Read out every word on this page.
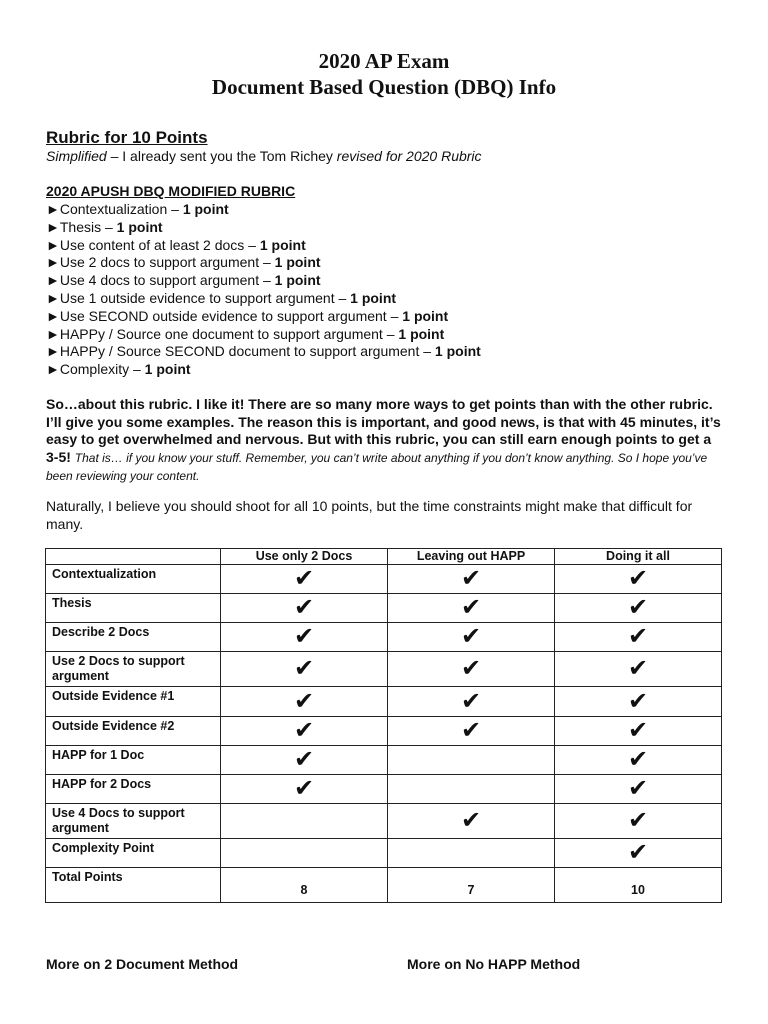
2020 AP Exam
Document Based Question (DBQ) Info
Rubric for 10 Points
Simplified – I already sent you the Tom Richey revised for 2020 Rubric
2020 APUSH DBQ MODIFIED RUBRIC
►Contextualization – 1 point
►Thesis – 1 point
►Use content of at least 2 docs – 1 point
►Use 2 docs to support argument – 1 point
►Use 4 docs to support argument – 1 point
►Use 1 outside evidence to support argument – 1 point
►Use SECOND outside evidence to support argument – 1 point
►HAPPy / Source one document to support argument – 1 point
►HAPPy / Source SECOND document to support argument – 1 point
►Complexity – 1 point
So…about this rubric. I like it! There are so many more ways to get points than with the other rubric. I’ll give you some examples. The reason this is important, and good news, is that with 45 minutes, it’s easy to get overwhelmed and nervous. But with this rubric, you can still earn enough points to get a 3-5! That is… if you know your stuff. Remember, you can’t write about anything if you don’t know anything. So I hope you’ve been reviewing your content.
Naturally, I believe you should shoot for all 10 points, but the time constraints might make that difficult for many.
	Use only 2 Docs	Leaving out HAPP	Doing it all
Contextualization	✔	✔	✔
Thesis	✔	✔	✔
Describe 2 Docs	✔	✔	✔
Use 2 Docs to support argument	✔	✔	✔
Outside Evidence #1	✔	✔	✔
Outside Evidence #2	✔	✔	✔
HAPP for 1 Doc	✔		✔
HAPP for 2 Docs	✔		✔
Use 4 Docs to support argument		✔	✔
Complexity Point			✔
Total Points	8	7	10
More on 2 Document Method	More on No HAPP Method
